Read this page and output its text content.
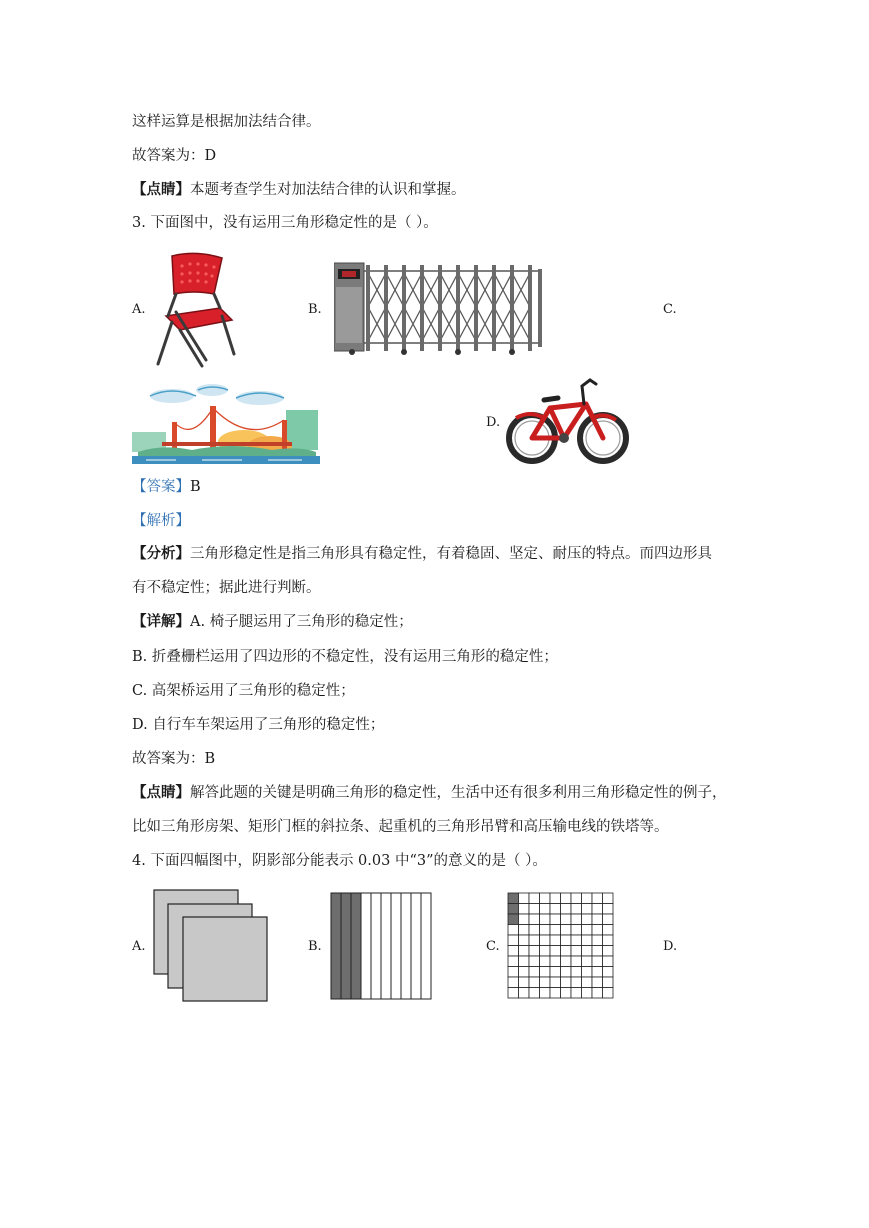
这样运算是根据加法结合律。
故答案为：D
【点睛】本题考查学生对加法结合律的认识和掌握。
3. 下面图中，没有运用三角形稳定性的是（ ）。
A.	B.	C.
D.
【答案】B
【解析】
【分析】三角形稳定性是指三角形具有稳定性，有着稳固、坚定、耐压的特点。而四边形具
有不稳定性；据此进行判断。
【详解】A. 椅子腿运用了三角形的稳定性；
B. 折叠栅栏运用了四边形的不稳定性，没有运用三角形的稳定性；
C. 高架桥运用了三角形的稳定性；
D. 自行车车架运用了三角形的稳定性；
故答案为：B
【点睛】解答此题的关键是明确三角形的稳定性，生活中还有很多利用三角形稳定性的例子，
比如三角形房架、矩形门框的斜拉条、起重机的三角形吊臂和高压输电线的铁塔等。
4. 下面四幅图中，阴影部分能表示 0.03 中“3”的意义的是（ ）。
A.	B.	C.	D.
